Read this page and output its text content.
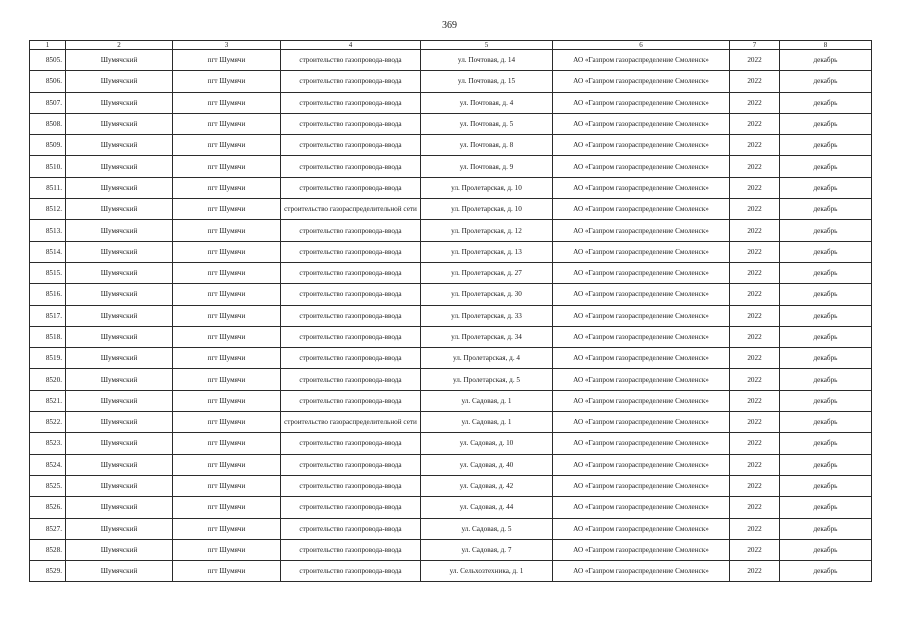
369
1	2	3	4	5	6	7	8
8505.	Шумячский	пгт Шумячи	строительство газопровода-ввода	ул. Почтовая, д. 14	АО «Газпром газораспределение Смоленск»	2022	декабрь
8506.	Шумячский	пгт Шумячи	строительство газопровода-ввода	ул. Почтовая, д. 15	АО «Газпром газораспределение Смоленск»	2022	декабрь
8507.	Шумячский	пгт Шумячи	строительство газопровода-ввода	ул. Почтовая, д. 4	АО «Газпром газораспределение Смоленск»	2022	декабрь
8508.	Шумячский	пгт Шумячи	строительство газопровода-ввода	ул. Почтовая, д. 5	АО «Газпром газораспределение Смоленск»	2022	декабрь
8509.	Шумячский	пгт Шумячи	строительство газопровода-ввода	ул. Почтовая, д. 8	АО «Газпром газораспределение Смоленск»	2022	декабрь
8510.	Шумячский	пгт Шумячи	строительство газопровода-ввода	ул. Почтовая, д. 9	АО «Газпром газораспределение Смоленск»	2022	декабрь
8511.	Шумячский	пгт Шумячи	строительство газопровода-ввода	ул. Пролетарская, д. 10	АО «Газпром газораспределение Смоленск»	2022	декабрь
8512.	Шумячский	пгт Шумячи	строительство газораспределительной сети	ул. Пролетарская, д. 10	АО «Газпром газораспределение Смоленск»	2022	декабрь
8513.	Шумячский	пгт Шумячи	строительство газопровода-ввода	ул. Пролетарская, д. 12	АО «Газпром газораспределение Смоленск»	2022	декабрь
8514.	Шумячский	пгт Шумячи	строительство газопровода-ввода	ул. Пролетарская, д. 13	АО «Газпром газораспределение Смоленск»	2022	декабрь
8515.	Шумячский	пгт Шумячи	строительство газопровода-ввода	ул. Пролетарская, д. 27	АО «Газпром газораспределение Смоленск»	2022	декабрь
8516.	Шумячский	пгт Шумячи	строительство газопровода-ввода	ул. Пролетарская, д. 30	АО «Газпром газораспределение Смоленск»	2022	декабрь
8517.	Шумячский	пгт Шумячи	строительство газопровода-ввода	ул. Пролетарская, д. 33	АО «Газпром газораспределение Смоленск»	2022	декабрь
8518.	Шумячский	пгт Шумячи	строительство газопровода-ввода	ул. Пролетарская, д. 34	АО «Газпром газораспределение Смоленск»	2022	декабрь
8519.	Шумячский	пгт Шумячи	строительство газопровода-ввода	ул. Пролетарская, д. 4	АО «Газпром газораспределение Смоленск»	2022	декабрь
8520.	Шумячский	пгт Шумячи	строительство газопровода-ввода	ул. Пролетарская, д. 5	АО «Газпром газораспределение Смоленск»	2022	декабрь
8521.	Шумячский	пгт Шумячи	строительство газопровода-ввода	ул. Садовая, д. 1	АО «Газпром газораспределение Смоленск»	2022	декабрь
8522.	Шумячский	пгт Шумячи	строительство газораспределительной сети	ул. Садовая, д. 1	АО «Газпром газораспределение Смоленск»	2022	декабрь
8523.	Шумячский	пгт Шумячи	строительство газопровода-ввода	ул. Садовая, д. 10	АО «Газпром газораспределение Смоленск»	2022	декабрь
8524.	Шумячский	пгт Шумячи	строительство газопровода-ввода	ул. Садовая, д. 40	АО «Газпром газораспределение Смоленск»	2022	декабрь
8525.	Шумячский	пгт Шумячи	строительство газопровода-ввода	ул. Садовая, д. 42	АО «Газпром газораспределение Смоленск»	2022	декабрь
8526.	Шумячский	пгт Шумячи	строительство газопровода-ввода	ул. Садовая, д. 44	АО «Газпром газораспределение Смоленск»	2022	декабрь
8527.	Шумячский	пгт Шумячи	строительство газопровода-ввода	ул. Садовая, д. 5	АО «Газпром газораспределение Смоленск»	2022	декабрь
8528.	Шумячский	пгт Шумячи	строительство газопровода-ввода	ул. Садовая, д. 7	АО «Газпром газораспределение Смоленск»	2022	декабрь
8529.	Шумячский	пгт Шумячи	строительство газопровода-ввода	ул. Сельхозтехника, д. 1	АО «Газпром газораспределение Смоленск»	2022	декабрь
